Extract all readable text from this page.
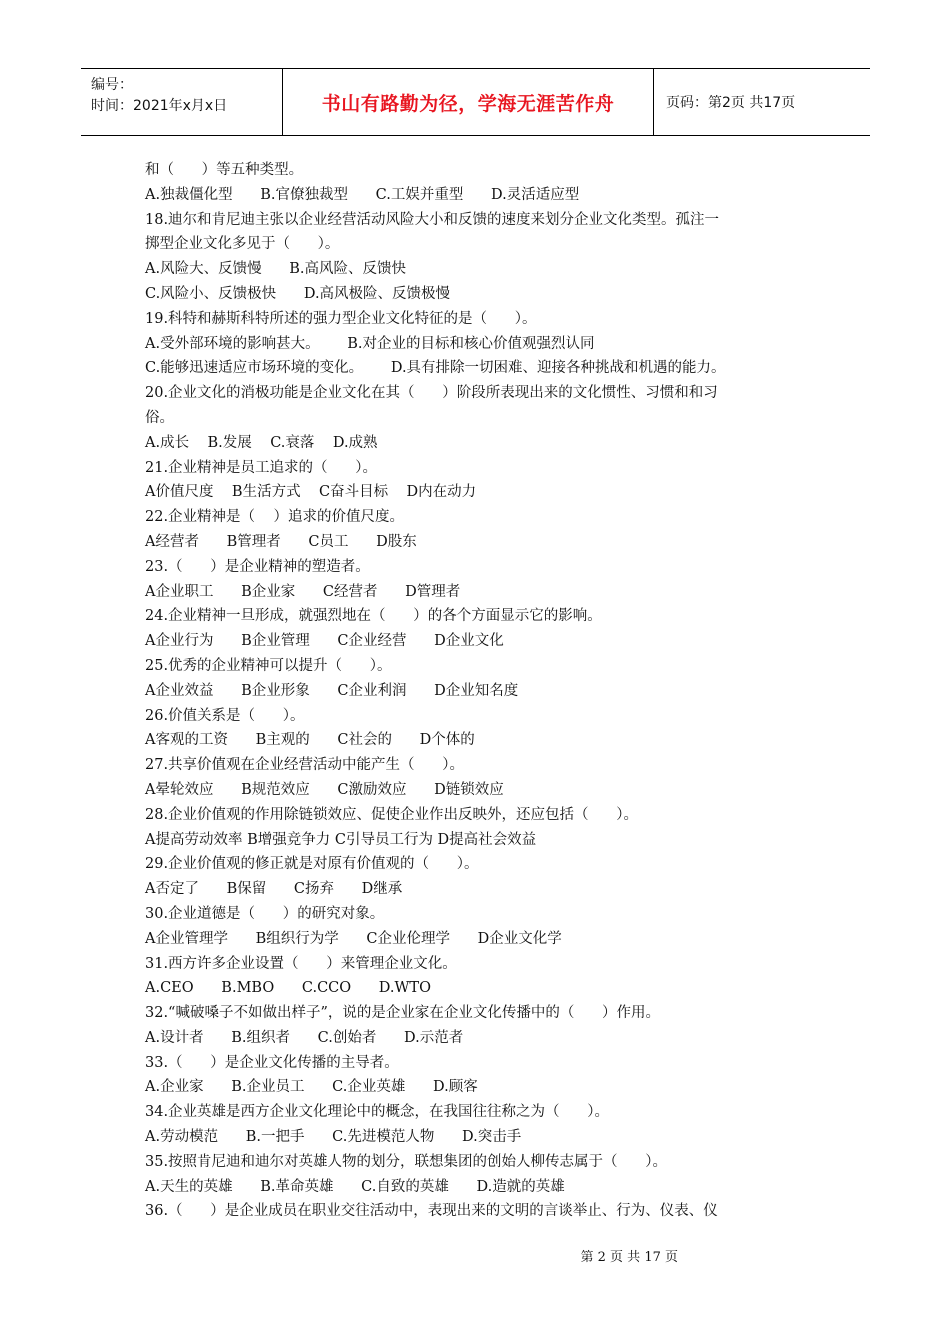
编号：
时间：2021年x月x日	书山有路勤为径，学海无涯苦作舟	页码：第2页 共17页
和（      ）等五种类型。
A.独裁僵化型      B.官僚独裁型      C.工娱并重型      D.灵活适应型
18.迪尔和肯尼迪主张以企业经营活动风险大小和反馈的速度来划分企业文化类型。孤注一
掷型企业文化多见于（      ）。
A.风险大、反馈慢      B.高风险、反馈快
C.风险小、反馈极快      D.高风极险、反馈极慢
19.科特和赫斯科特所述的强力型企业文化特征的是（      ）。
A.受外部环境的影响甚大。      B.对企业的目标和核心价值观强烈认同
C.能够迅速适应市场环境的变化。      D.具有排除一切困难、迎接各种挑战和机遇的能力。
20.企业文化的消极功能是企业文化在其（      ）阶段所表现出来的文化惯性、习惯和和习
俗。
A.成长    B.发展    C.衰落    D.成熟
21.企业精神是员工追求的（      ）。
A价值尺度    B生活方式    C奋斗目标    D内在动力
22.企业精神是（    ）追求的价值尺度。
A经营者      B管理者      C员工      D股东
23.（      ）是企业精神的塑造者。
A企业职工      B企业家      C经营者      D管理者
24.企业精神一旦形成，就强烈地在（      ）的各个方面显示它的影响。
A企业行为      B企业管理      C企业经营      D企业文化
25.优秀的企业精神可以提升（      ）。
A企业效益      B企业形象      C企业利润      D企业知名度
26.价值关系是（      ）。
A客观的工资      B主观的      C社会的      D个体的
27.共享价值观在企业经营活动中能产生（      ）。
A晕轮效应      B规范效应      C激励效应      D链锁效应
28.企业价值观的作用除链锁效应、促使企业作出反映外，还应包括（      ）。
A提高劳动效率 B增强竞争力 C引导员工行为 D提高社会效益
29.企业价值观的修正就是对原有价值观的（      ）。
A否定了      B保留      C扬弃      D继承
30.企业道德是（      ）的研究对象。
A企业管理学      B组织行为学      C企业伦理学      D企业文化学
31.西方许多企业设置（      ）来管理企业文化。
A.CEO      B.MBO      C.CCO      D.WTO
32.“喊破嗓子不如做出样子”，说的是企业家在企业文化传播中的（      ）作用。
A.设计者      B.组织者      C.创始者      D.示范者
33.（      ）是企业文化传播的主导者。
A.企业家      B.企业员工      C.企业英雄      D.顾客
34.企业英雄是西方企业文化理论中的概念，在我国往往称之为（      ）。
A.劳动模范      B.一把手      C.先进模范人物      D.突击手
35.按照肯尼迪和迪尔对英雄人物的划分，联想集团的创始人柳传志属于（      ）。
A.天生的英雄      B.革命英雄      C.自致的英雄      D.造就的英雄
36.（      ）是企业成员在职业交往活动中，表现出来的文明的言谈举止、行为、仪表、仪
第 2 页 共 17 页
